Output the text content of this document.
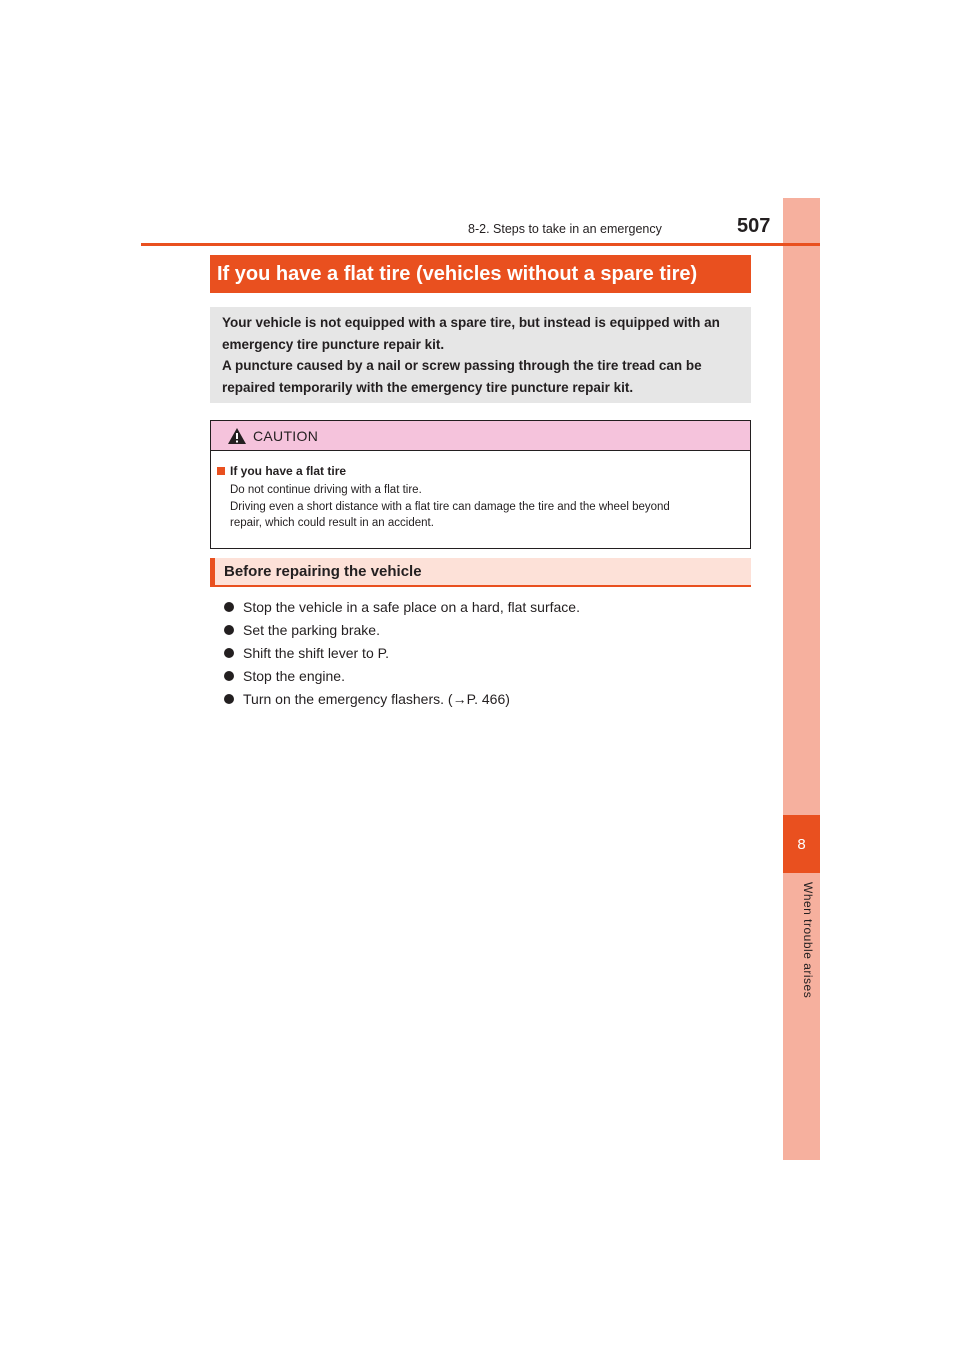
8
When trouble arises
8-2. Steps to take in an emergency	507
If you have a flat tire (vehicles without a spare tire)

Your vehicle is not equipped with a spare tire, but instead is equipped with an

emergency tire puncture repair kit.

A puncture caused by a nail or screw passing through the tire tread can be

repaired temporarily with the emergency tire puncture repair kit.

CAUTION
If you have a flat tire
Do not continue driving with a flat tire.
Driving even a short distance with a flat tire can damage the tire and the wheel beyond
repair, which could result in an accident.
Before repairing the vehicle
Stop the vehicle in a safe place on a hard, flat surface.
Set the parking brake.
Shift the shift lever to P.
Stop the engine.
Turn on the emergency flashers. (→P. 466)
